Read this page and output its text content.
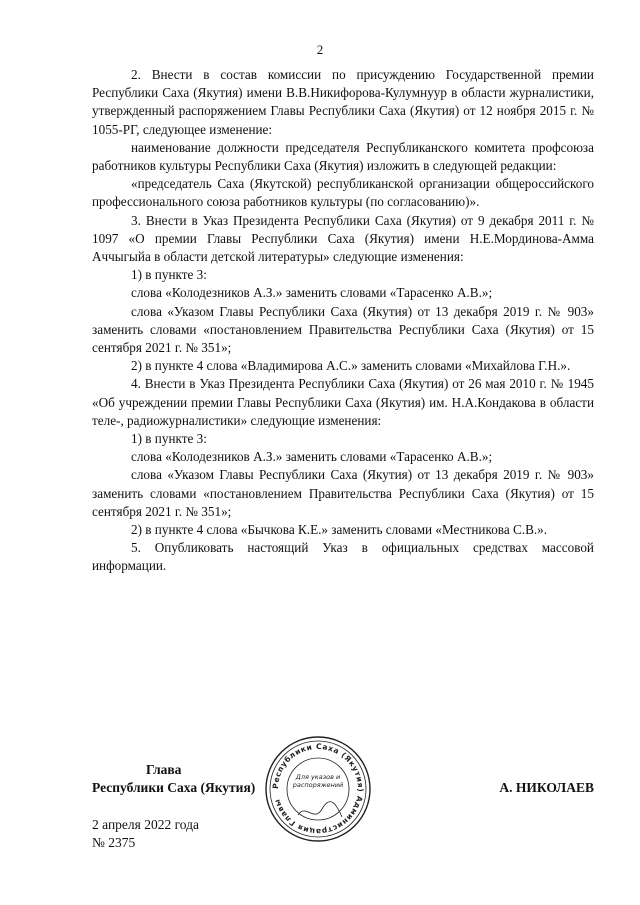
2

2. Внести в состав комиссии по присуждению Государственной премии Республики Саха (Якутия) имени В.В.Никифорова-Кулумнуур в области журналистики, утвержденный распоряжением Главы Республики Саха (Якутия) от 12 ноября 2015 г. № 1055-РГ, следующее изменение:

наименование должности председателя Республиканского комитета профсоюза работников культуры Республики Саха (Якутия) изложить в следующей редакции:

«председатель Саха (Якутской) республиканской организации общероссийского профессионального союза работников культуры (по согласованию)».

3. Внести в Указ Президента Республики Саха (Якутия) от 9 декабря 2011 г. № 1097 «О премии Главы Республики Саха (Якутия) имени Н.Е.Мординова-Амма Аччыгыйа в области детской литературы» следующие изменения:

1) в пункте 3:

слова «Колодезников А.З.» заменить словами «Тарасенко А.В.»;

слова «Указом Главы Республики Саха (Якутия) от 13 декабря 2019 г. № 903» заменить словами «постановлением Правительства Республики Саха (Якутия) от 15 сентября 2021 г. № 351»;

2) в пункте 4 слова «Владимирова А.С.» заменить словами «Михайлова Г.Н.».

4. Внести в Указ Президента Республики Саха (Якутия) от 26 мая 2010 г. № 1945 «Об учреждении премии Главы Республики Саха (Якутия) им. Н.А.Кондакова в области теле-, радиожурналистики» следующие изменения:

1) в пункте 3:

слова «Колодезников А.З.» заменить словами «Тарасенко А.В.»;

слова «Указом Главы Республики Саха (Якутия) от 13 декабря 2019 г. № 903» заменить словами «постановлением Правительства Республики Саха (Якутия) от 15 сентября 2021 г. № 351»;

2) в пункте 4 слова «Бычкова К.Е.» заменить словами «Местникова С.В.».

5. Опубликовать настоящий Указ в официальных средствах массовой информации.

Глава
Республики Саха (Якутия)	А. НИКОЛАЕВ
Республики Саха (Якутия) Администрация Главы
Для указов и распоряжений
2 апреля 2022 года
№ 2375
